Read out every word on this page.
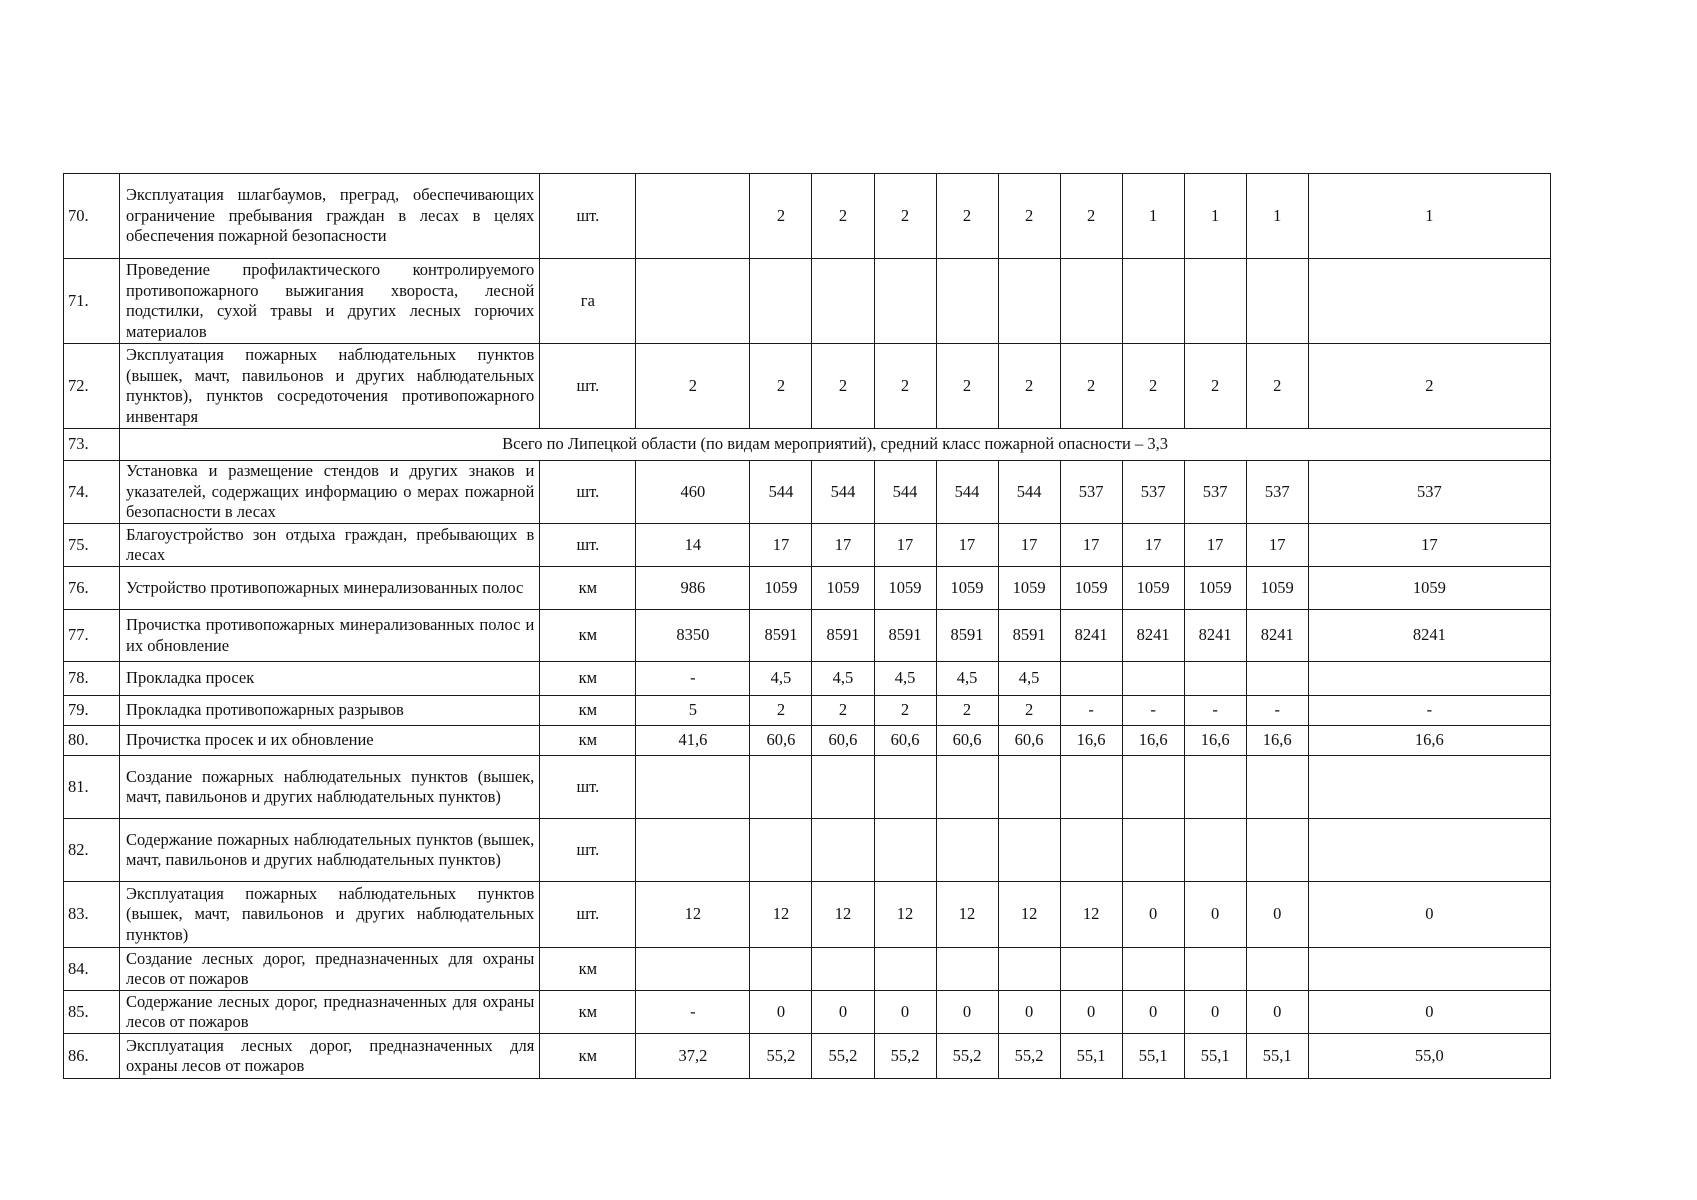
70.	Эксплуатация шлагбаумов, преград, обеспечивающих ограничение пребывания граждан в лесах в целях обеспечения пожарной безопасности	шт.		2	2	2	2	2	2	1	1	1	1
71.	Проведение профилактического контролируемого противопожарного выжигания хвороста, лесной подстилки, сухой травы и других лесных горючих материалов	га											
72.	Эксплуатация пожарных наблюдательных пунктов (вышек, мачт, павильонов и других наблюдательных пунктов), пунктов сосредоточения противопожарного инвентаря	шт.	2	2	2	2	2	2	2	2	2	2	2
73.	Всего по Липецкой области (по видам мероприятий), средний класс пожарной опасности – 3,3												
74.	Установка и размещение стендов и других знаков и указателей, содержащих информацию о мерах пожарной безопасности в лесах	шт.	460	544	544	544	544	544	537	537	537	537	537
75.	Благоустройство зон отдыха граждан, пребывающих в лесах	шт.	14	17	17	17	17	17	17	17	17	17	17
76.	Устройство противопожарных минерализованных полос	км	986	1059	1059	1059	1059	1059	1059	1059	1059	1059	1059
77.	Прочистка противопожарных минерализованных полос и их обновление	км	8350	8591	8591	8591	8591	8591	8241	8241	8241	8241	8241
78.	Прокладка просек	км	-	4,5	4,5	4,5	4,5	4,5					
79.	Прокладка противопожарных разрывов	км	5	2	2	2	2	2	-	-	-	-	-
80.	Прочистка просек и их обновление	км	41,6	60,6	60,6	60,6	60,6	60,6	16,6	16,6	16,6	16,6	16,6
81.	Создание пожарных наблюдательных пунктов (вышек, мачт, павильонов и других наблюдательных пунктов)	шт.											
82.	Содержание пожарных наблюдательных пунктов (вышек, мачт, павильонов и других наблюдательных пунктов)	шт.											
83.	Эксплуатация пожарных наблюдательных пунктов (вышек, мачт, павильонов и других наблюдательных пунктов)	шт.	12	12	12	12	12	12	12	0	0	0	0
84.	Создание лесных дорог, предназначенных для охраны лесов от пожаров	км											
85.	Содержание лесных дорог, предназначенных для охраны лесов от пожаров	км	-	0	0	0	0	0	0	0	0	0	0
86.	Эксплуатация лесных дорог, предназначенных для охраны лесов от пожаров	км	37,2	55,2	55,2	55,2	55,2	55,2	55,1	55,1	55,1	55,1	55,0
